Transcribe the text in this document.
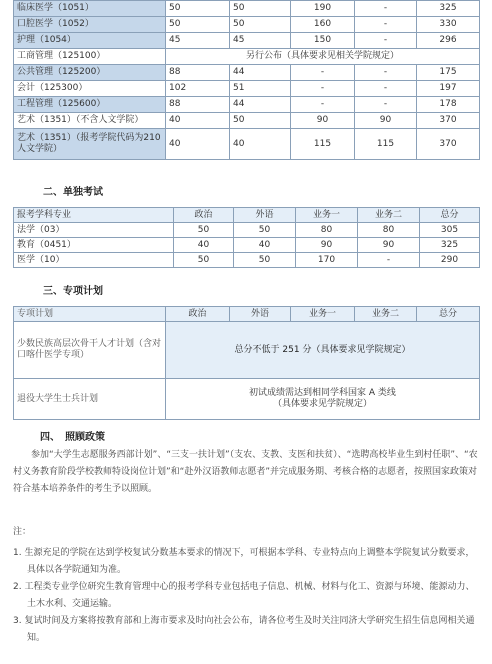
临床医学（1051）	50	50	190	-	325
口腔医学（1052）	50	50	160	-	330
护理（1054）	45	45	150	-	296
工商管理（125100）	另行公布（具体要求见相关学院规定）				
公共管理（125200）	88	44	-	-	175
会计（125300）	102	51	-	-	197
工程管理（125600）	88	44	-	-	178
艺术（1351）（不含人文学院）	40	50	90	90	370
艺术（1351）（报考学院代码为210人文学院）	40	40	115	115	370
二、单独考试
报考学科专业	政治	外语	业务一	业务二	总分
法学（03）	50	50	80	80	305
教育（0451）	40	40	90	90	325
医学（10）	50	50	170	-	290
三、专项计划
专项计划	政治	外语	业务一	业务二	总分
少数民族高层次骨干人才计划（含对口喀什医学专项）	总分不低于 251 分（具体要求见学院规定）				
退役大学生士兵计划	初试成绩需达到相同学科国家 A 类线
（具体要求见学院规定）				
四、　照顾政策

参加“大学生志愿服务西部计划”、“三支一扶计划”（支农、支教、支医和扶贫）、“选聘高校毕业生到村任职”、“农村义务教育阶段学校教师特设岗位计划”和“赴外汉语教师志愿者”并完成服务期、考核合格的志愿者，按照国家政策对符合基本培养条件的考生予以照顾。

注：
1. 生源充足的学院在达到学校复试分数基本要求的情况下，可根据本学科、专业特点向上调整本学院复试分数要求，具体以各学院通知为准。
2. 工程类专业学位研究生教育管理中心的报考学科专业包括电子信息、机械、材料与化工、资源与环境、能源动力、土木水利、交通运输。
3. 复试时间及方案将按教育部和上海市要求及时向社会公布，请各位考生及时关注同济大学研究生招生信息网相关通知。
